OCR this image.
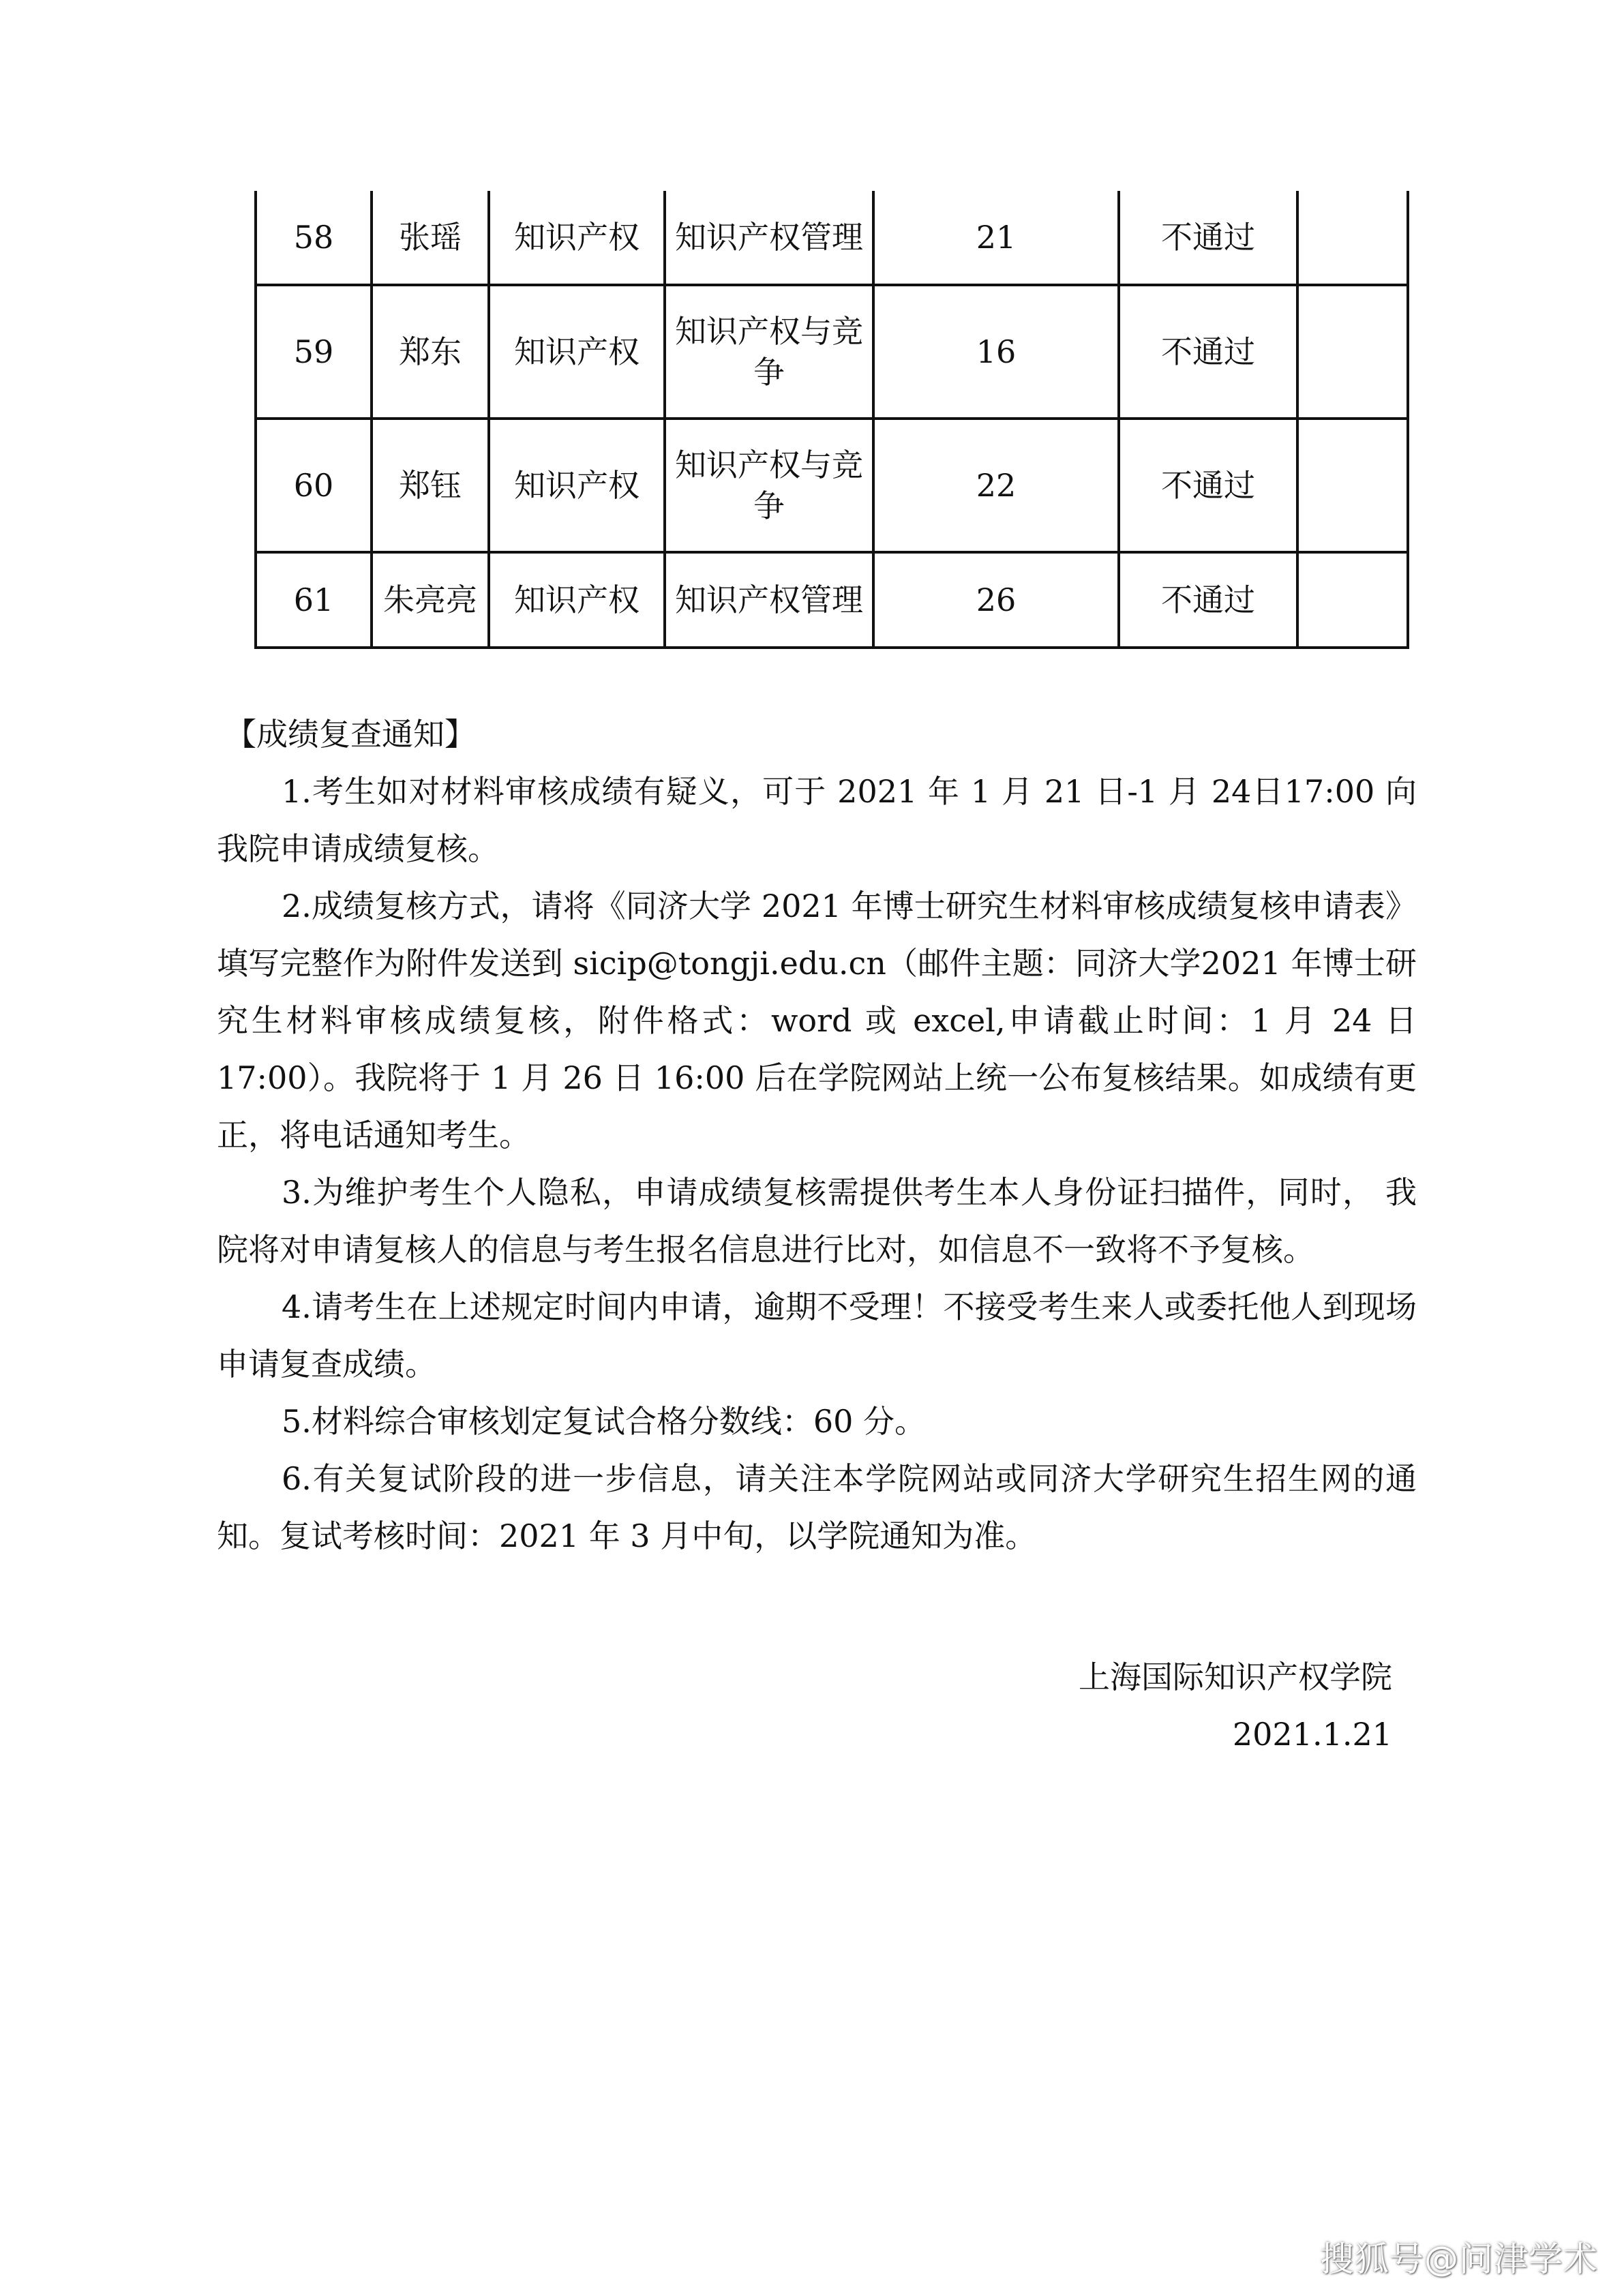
58	张瑶	知识产权	知识产权管理	21	不通过	
59	郑东	知识产权	知识产权与竞争	16	不通过	
60	郑钰	知识产权	知识产权与竞争	22	不通过	
61	朱亮亮	知识产权	知识产权管理	26	不通过	

【成绩复查通知】

1.考生如对材料审核成绩有疑义，可于 2021 年 1 月 21 日-1 月 24日17:00 向我院申请成绩复核。

2.成绩复核方式，请将《同济大学 2021 年博士研究生材料审核成绩复核申请表》填写完整作为附件发送到 sicip@tongji.edu.cn（邮件主题：同济大学2021 年博士研究生材料审核成绩复核，附件格式：word 或 excel,申请截止时间：1 月 24 日 17:00）。我院将于 1 月 26 日 16:00 后在学院网站上统一公布复核结果。如成绩有更正，将电话通知考生。

3.为维护考生个人隐私，申请成绩复核需提供考生本人身份证扫描件，同时， 我院将对申请复核人的信息与考生报名信息进行比对，如信息不一致将不予复核。

4.请考生在上述规定时间内申请，逾期不受理！不接受考生来人或委托他人到现场申请复查成绩。

5.材料综合审核划定复试合格分数线：60 分。

6.有关复试阶段的进一步信息，请关注本学院网站或同济大学研究生招生网的通知。复试考核时间：2021 年 3 月中旬，以学院通知为准。

上海国际知识产权学院
2021.1.21
搜狐号@问津学术
